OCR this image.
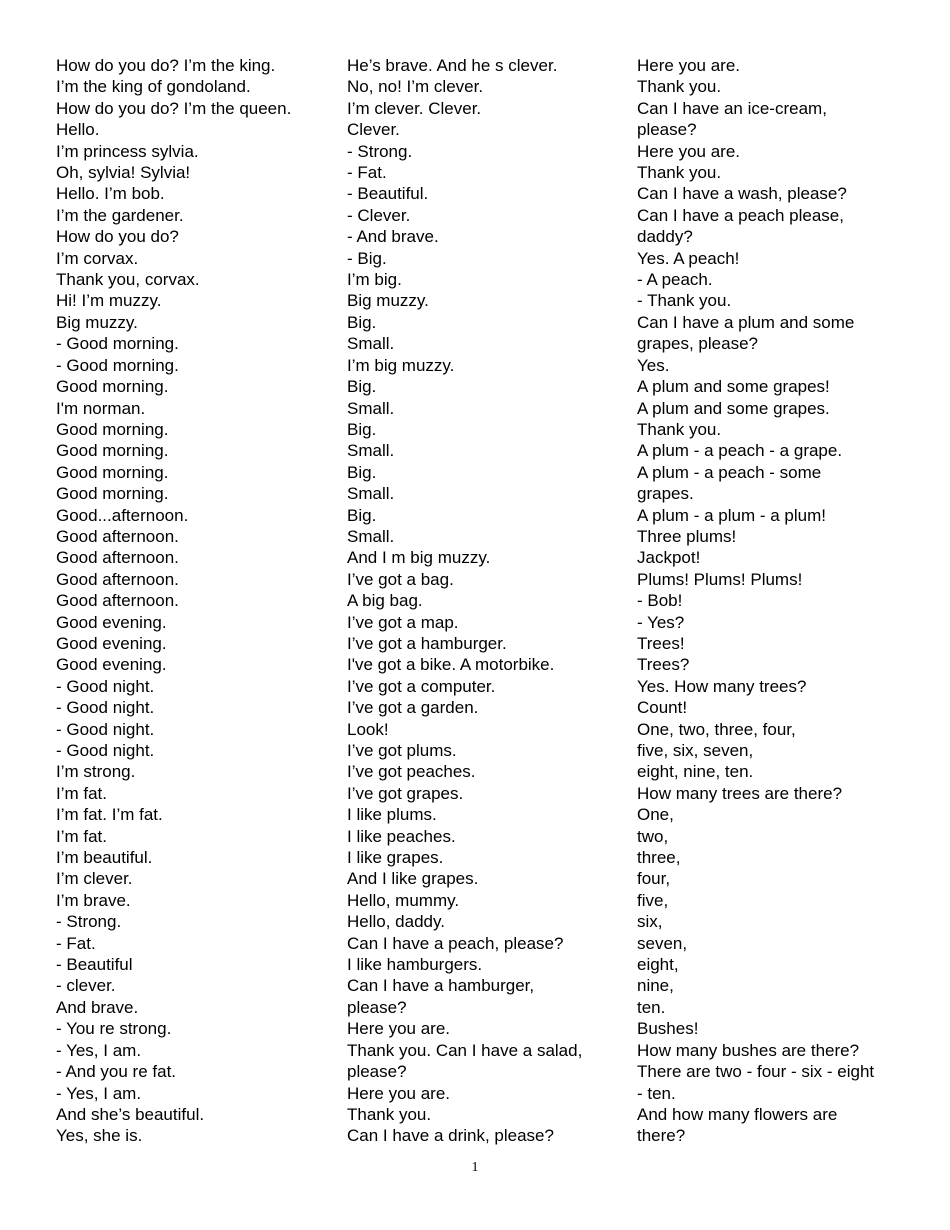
How do you do? I’m the king.
I’m the king of gondoland.
How do you do? I’m the queen.
Hello.
I’m princess sylvia.
Oh, sylvia! Sylvia!
Hello. I’m bob.
I’m the gardener.
How do you do?
I’m corvax.
Thank you, corvax.
Hi! I’m muzzy.
Big muzzy.
- Good morning.
- Good morning.
Good morning.
I'm norman.
Good morning.
Good morning.
Good morning.
Good morning.
Good...afternoon.
Good afternoon.
Good afternoon.
Good afternoon.
Good afternoon.
Good evening.
Good evening.
Good evening.
- Good night.
- Good night.
- Good night.
- Good night.
I’m strong.
I’m fat.
I’m fat. I’m fat.
I’m fat.
I’m beautiful.
I’m clever.
I’m brave.
- Strong.
- Fat.
- Beautiful
- clever.
And brave.
- You re strong.
- Yes, I am.
- And you re fat.
- Yes, I am.
And she’s beautiful.
Yes, she is.
He’s brave. And he s clever.
No, no! I’m clever.
I’m clever. Clever.
Clever.
- Strong.
- Fat.
- Beautiful.
- Clever.
- And brave.
- Big.
I’m big.
Big muzzy.
Big.
Small.
I’m big muzzy.
Big.
Small.
Big.
Small.
Big.
Small.
Big.
Small.
And I m big muzzy.
I’ve got a bag.
A big bag.
I’ve got a map.
I’ve got a hamburger.
I've got a bike. A motorbike.
I’ve got a computer.
I’ve got a garden.
Look!
I’ve got plums.
I’ve got peaches.
I’ve got grapes.
I like plums.
I like peaches.
I like grapes.
And I like grapes.
Hello, mummy.
Hello, daddy.
Can I have a peach, please?
I like hamburgers.
Can I have a hamburger,
please?
Here you are.
Thank you. Can I have a salad,
please?
Here you are.
Thank you.
Can I have a drink, please?
Here you are.
Thank you.
Can I have an ice-cream,
please?
Here you are.
Thank you.
Can I have a wash, please?
Can I have a peach please,
daddy?
Yes. A peach!
- A peach.
- Thank you.
Can I have a plum and some
grapes, please?
Yes.
A plum and some grapes!
A plum and some grapes.
Thank you.
A plum - a peach - a grape.
A plum - a peach - some
grapes.
A plum - a plum - a plum!
Three plums!
Jackpot!
Plums! Plums! Plums!
- Bob!
- Yes?
Trees!
Trees?
Yes. How many trees?
Count!
One, two, three, four,
five, six, seven,
eight, nine, ten.
How many trees are there?
One,
two,
three,
four,
five,
six,
seven,
eight,
nine,
ten.
Bushes!
How many bushes are there?
There are two - four - six - eight
- ten.
And how many flowers are
there?
1
